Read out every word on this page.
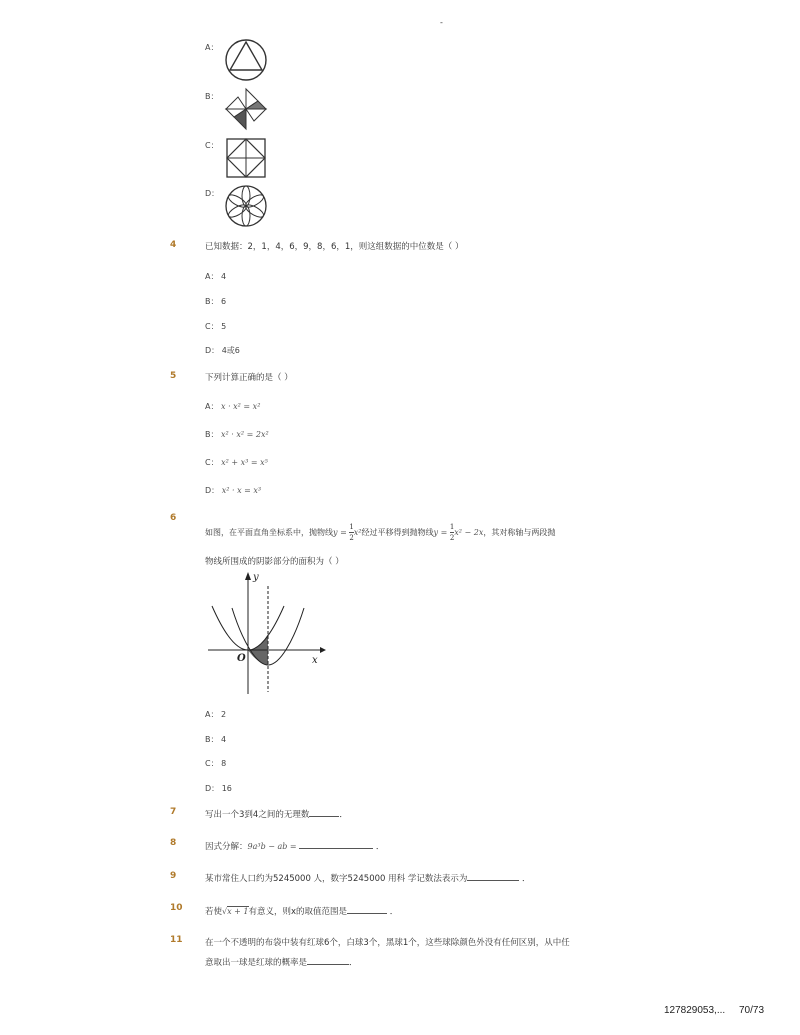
-
A：
B：
C：
D：
4	已知数据：2，1，4，6，9，8，6，1，则这组数据的中位数是（ ）
A： 4
B： 6
C： 5
D： 4或6
5	下列计算正确的是（ ）
A： x · x² = x²
B： x² · x² = 2x²
C： x² + x³ = x⁵
D： x² · x = x³
6
如图，在平面直角坐标系中，抛物线$y = \frac{1}{2} x^2$经过平移得到抛物线$y = \frac{1}{2} x^2 - 2x$，其对称轴与两段抛
物线所围成的阴影部分的面积为（ ）
y
x
O
A： 2
B： 4
C： 8
D： 16
7	写出一个3到4之间的无理数	．
8	因式分解：9a³b − ab =	．
9	某市常住人口约为5245000 人，数字5245000 用科 学记数法表示为	．
10	若使√x + 1有意义，则x的取值范围是	．
11	在一个不透明的布袋中装有红球6个，白球3个，黑球1个，这些球除颜色外没有任何区别，从中任
意取出一球是红球的概率是	．
127829053,... 70/73
